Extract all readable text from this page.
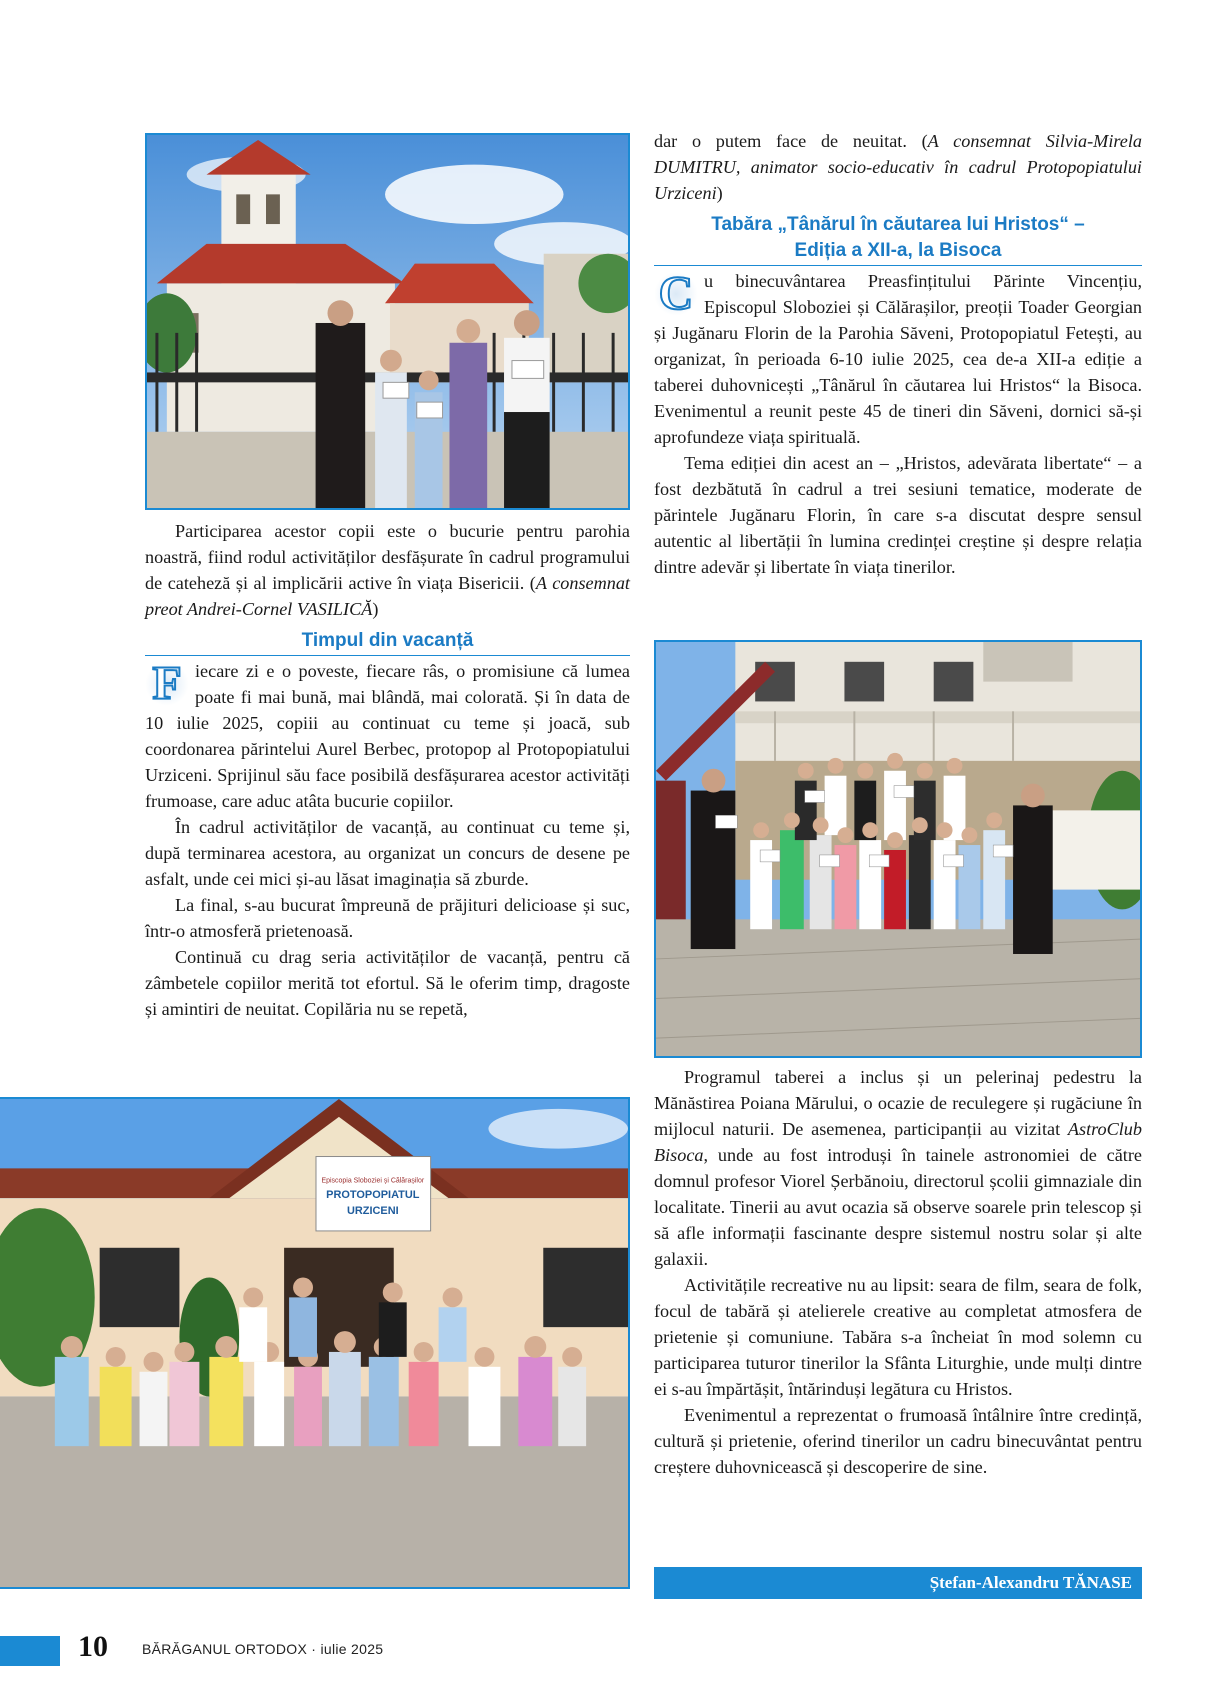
Participarea acestor copii este o bucurie pentru parohia noastră, fiind rodul activităților desfășurate în cadrul programului de cateheză și al implicării active în viața Bisericii. (A consemnat preot Andrei-Cornel VASILICĂ)

Timpul din vacanță

F iecare zi e o poveste, fiecare râs, o promisiune că lumea poate fi mai bună, mai blândă, mai colorată. Și în data de 10 iulie 2025, copiii au continuat cu teme și joacă, sub coordonarea părintelui Aurel Berbec, protopop al Protopopiatului Urziceni. Sprijinul său face posibilă desfășurarea acestor activități frumoase, care aduc atâta bucurie copiilor.

În cadrul activităților de vacanță, au continuat cu teme și, după terminarea acestora, au organizat un concurs de desene pe asfalt, unde cei mici și-au lăsat imaginația să zburde.

La final, s-au bucurat împreună de prăjituri delicioase și suc, într-o atmosferă prietenoasă.

Continuă cu drag seria activităților de vacanță, pentru că zâmbetele copiilor merită tot efortul. Să le oferim timp, dragoste și amintiri de neuitat. Copilăria nu se repetă,

Episcopia Sloboziei și Călărașilor
PROTOPOPIATUL
URZICENI

dar o putem face de neuitat. (A consemnat Silvia-Mirela DUMITRU, animator socio-educativ în cadrul Protopopiatului Urziceni)

Tabăra „Tânărul în căutarea lui Hristos“ –
Ediția a XII-a, la Bisoca

C u binecuvântarea Preasfințitului Părinte Vincențiu, Episcopul Sloboziei și Călărașilor, preoții Toader Georgian și Jugănaru Florin de la Parohia Săveni, Protopopiatul Fetești, au organizat, în perioada 6-10 iulie 2025, cea de-a XII-a ediție a taberei duhovnicești „Tânărul în căutarea lui Hristos“ la Bisoca. Evenimentul a reunit peste 45 de tineri din Săveni, dornici să-și aprofundeze viața spirituală.

Tema ediției din acest an – „Hristos, adevărata libertate“ – a fost dezbătută în cadrul a trei sesiuni tematice, moderate de părintele Jugănaru Florin, în care s-a discutat despre sensul autentic al libertății în lumina credinței creștine și despre relația dintre adevăr și libertate în viața tinerilor.

Programul taberei a inclus și un pelerinaj pedestru la Mănăstirea Poiana Mărului, o ocazie de reculegere și rugăciune în mijlocul naturii. De asemenea, participanții au vizitat AstroClub Bisoca, unde au fost introduși în tainele astronomiei de către domnul profesor Viorel Șerbănoiu, directorul școlii gimnaziale din localitate. Tinerii au avut ocazia să observe soarele prin telescop și să afle informații fascinante despre sistemul nostru solar și alte galaxii.

Activitățile recreative nu au lipsit: seara de film, seara de folk, focul de tabără și atelierele creative au completat atmosfera de prietenie și comuniune. Tabăra s-a încheiat în mod solemn cu participarea tuturor tinerilor la Sfânta Liturghie, unde mulți dintre ei s-au împărtășit, întărinduși legătura cu Hristos.

Evenimentul a reprezentat o frumoasă întâlnire între credință, cultură și prietenie, oferind tinerilor un cadru binecuvântat pentru creștere duhovnicească și descoperire de sine.

Ștefan-Alexandru TĂNASE
10 BĂRĂGANUL ORTODOX · iulie 2025
